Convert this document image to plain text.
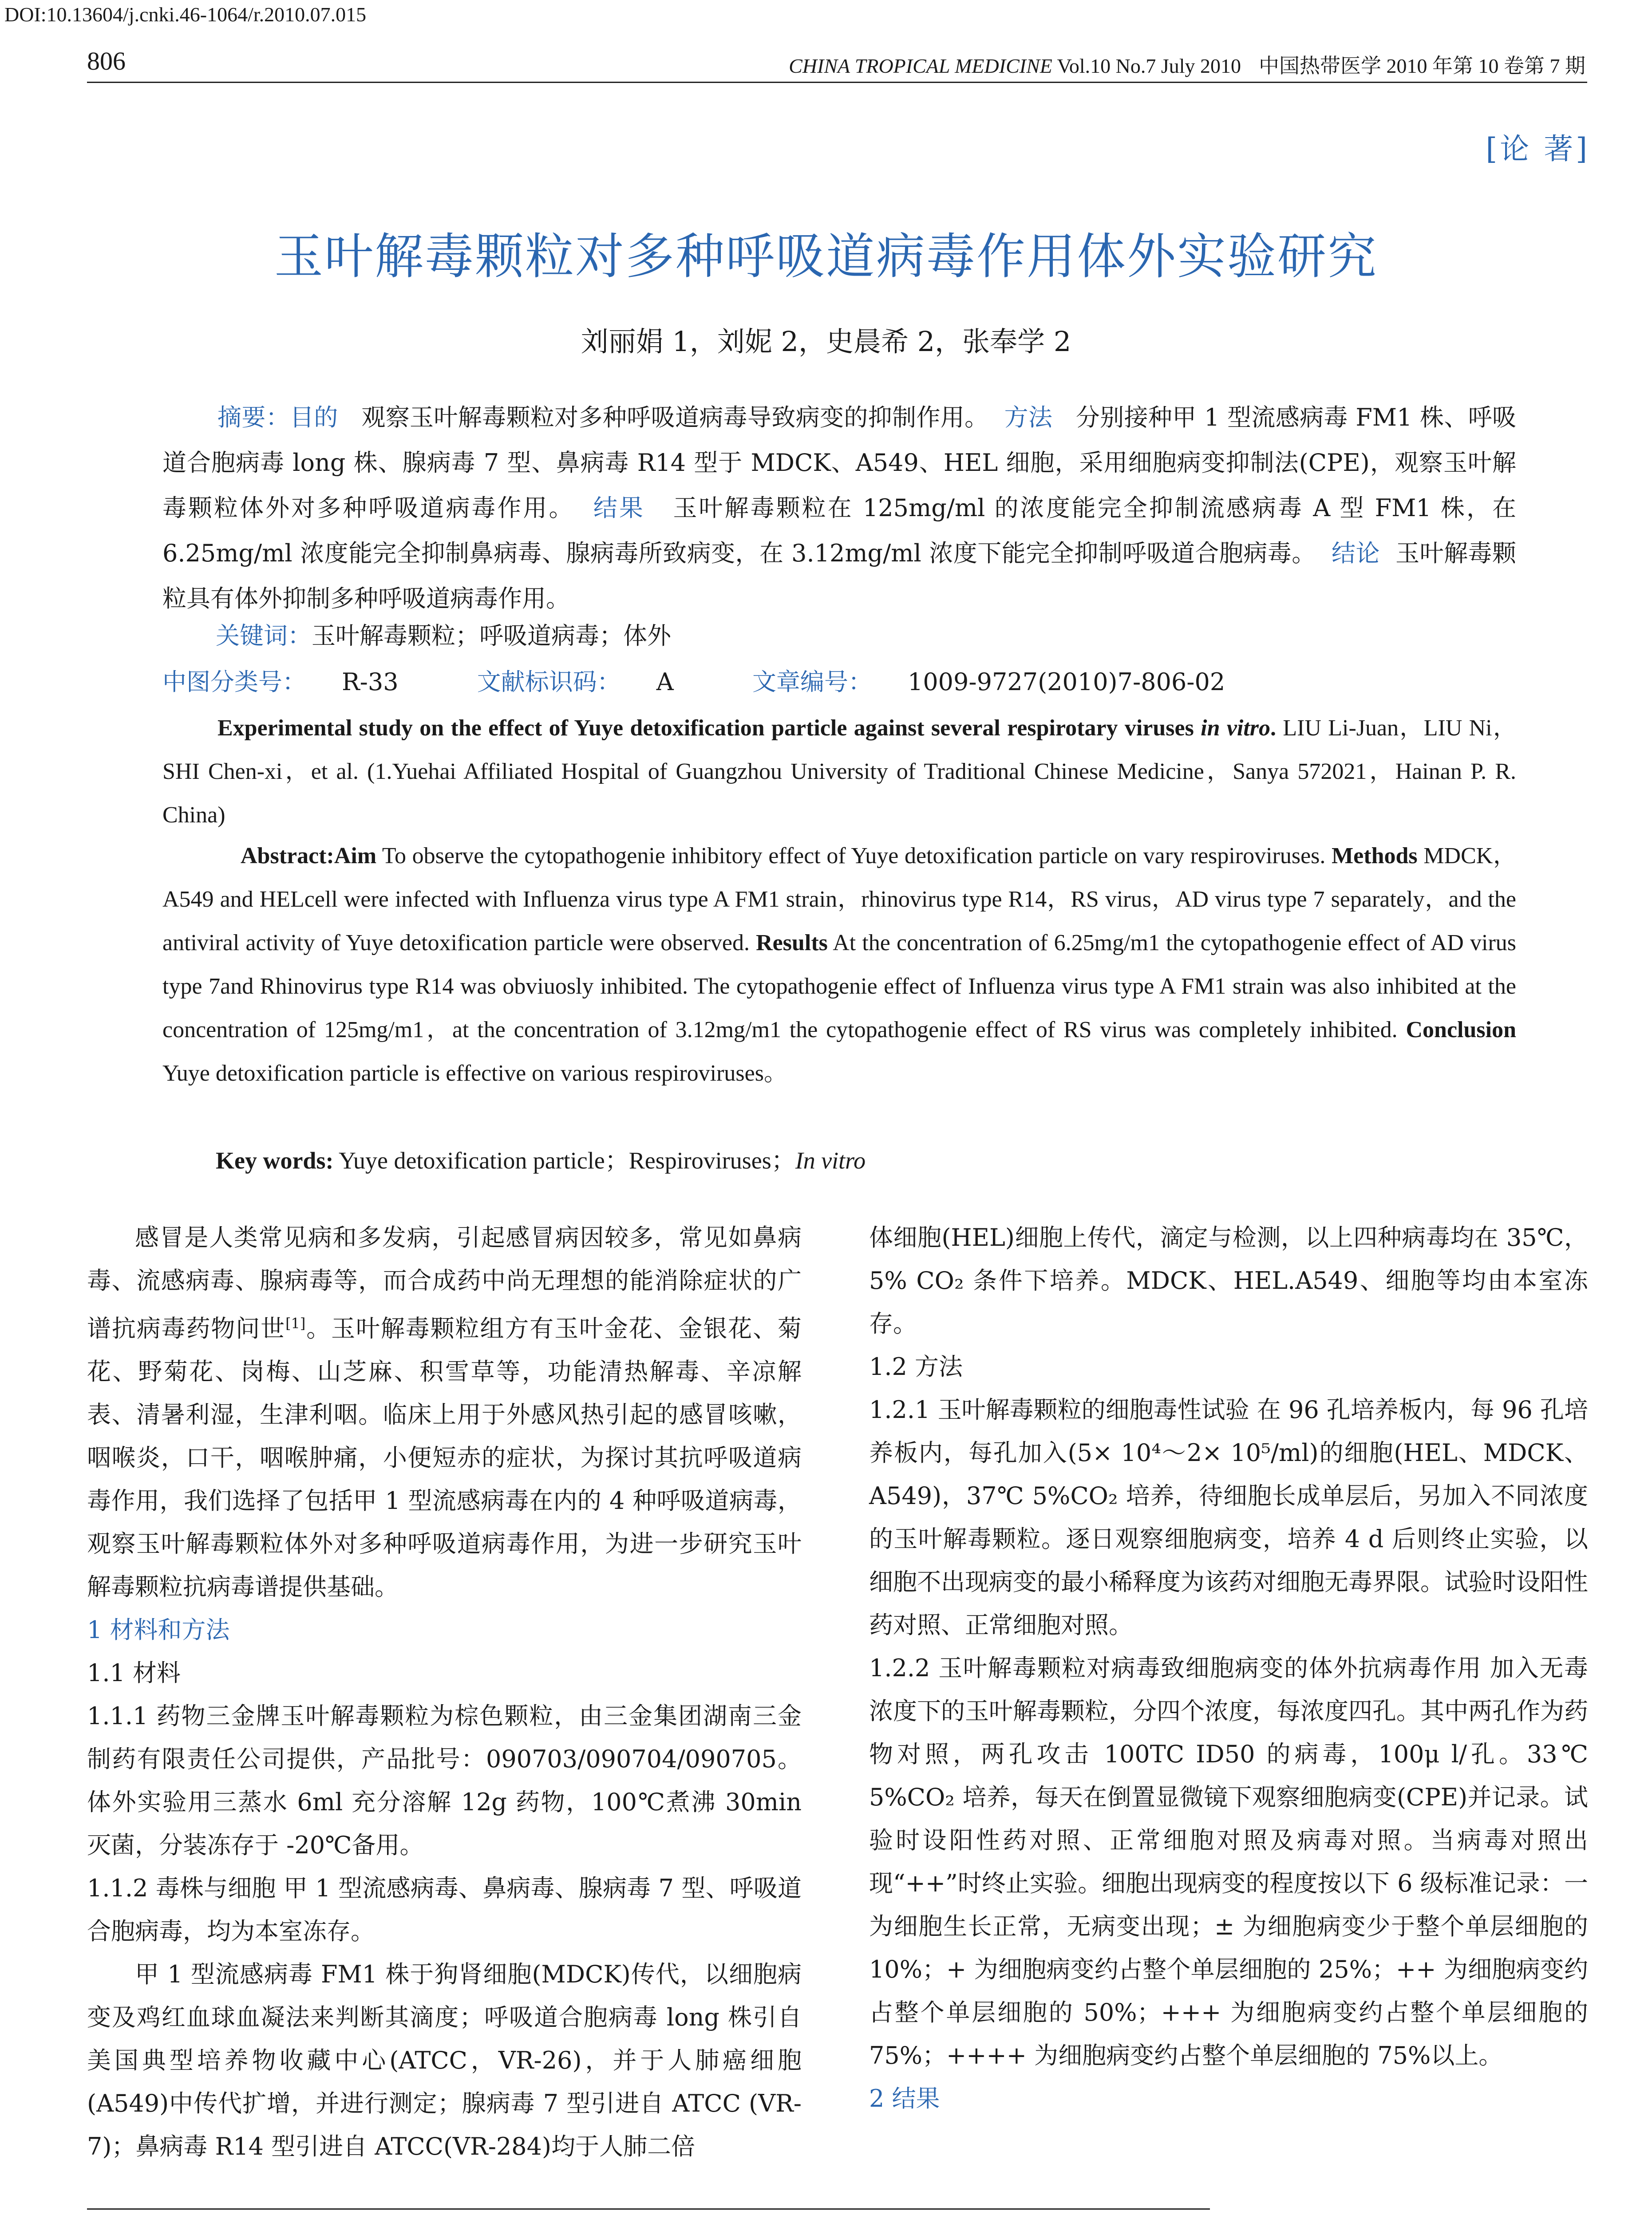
DOI:10.13604/j.cnki.46-1064/r.2010.07.015
806	CHINA TROPICAL MEDICINE Vol.10 No.7 July 2010 中国热带医学 2010 年第 10 卷第 7 期
[论 著]
玉叶解毒颗粒对多种呼吸道病毒作用体外实验研究
刘丽娟 1，刘妮 2，史晨希 2，张奉学 2

摘要：目的 观察玉叶解毒颗粒对多种呼吸道病毒导致病变的抑制作用。 方法 分别接种甲 1 型流感病毒 FM1 株、呼吸道合胞病毒 long 株、腺病毒 7 型、鼻病毒 R14 型于 MDCK、A549、HEL 细胞，采用细胞病变抑制法(CPE)，观察玉叶解毒颗粒体外对多种呼吸道病毒作用。 结果 玉叶解毒颗粒在 125mg/ml 的浓度能完全抑制流感病毒 A 型 FM1 株，在 6.25mg/ml 浓度能完全抑制鼻病毒、腺病毒所致病变，在 3.12mg/ml 浓度下能完全抑制呼吸道合胞病毒。 结论 玉叶解毒颗粒具有体外抑制多种呼吸道病毒作用。

关键词：玉叶解毒颗粒；呼吸道病毒；体外
中图分类号： R-33	文献标识码： A	文章编号： 1009-9727(2010)7-806-02

Experimental study on the effect of Yuye detoxification particle against several respirotary viruses in vitro. LIU Li-Juan，LIU Ni，SHI Chen-xi，et al. (1.Yuehai Affiliated Hospital of Guangzhou University of Traditional Chinese Medicine，Sanya 572021，Hainan P. R. China)

Abstract:Aim To observe the cytopathogenie inhibitory effect of Yuye detoxification particle on vary respiroviruses. Methods MDCK，A549 and HELcell were infected with Influenza virus type A FM1 strain，rhinovirus type R14，RS virus，AD virus type 7 separately，and the antiviral activity of Yuye detoxification particle were observed. Results At the concentration of 6.25mg/m1 the cytopathogenie effect of AD virus type 7and Rhinovirus type R14 was obviuosly inhibited. The cytopathogenie effect of Influenza virus type A FM1 strain was also inhibited at the concentration of 125mg/m1，at the concentration of 3.12mg/m1 the cytopathogenie effect of RS virus was completely inhibited. Conclusion Yuye detoxification particle is effective on various respiroviruses。

Key words: Yuye detoxification particle；Respiroviruses；In vitro

感冒是人类常见病和多发病，引起感冒病因较多，常见如鼻病毒、流感病毒、腺病毒等，而合成药中尚无理想的能消除症状的广谱抗病毒药物问世[1]。玉叶解毒颗粒组方有玉叶金花、金银花、菊花、野菊花、岗梅、山芝麻、积雪草等，功能清热解毒、辛凉解表、清暑利湿，生津利咽。临床上用于外感风热引起的感冒咳嗽，咽喉炎，口干，咽喉肿痛，小便短赤的症状，为探讨其抗呼吸道病毒作用，我们选择了包括甲 1 型流感病毒在内的 4 种呼吸道病毒，观察玉叶解毒颗粒体外对多种呼吸道病毒作用，为进一步研究玉叶解毒颗粒抗病毒谱提供基础。

1 材料和方法

1.1 材料

1.1.1 药物三金牌玉叶解毒颗粒为棕色颗粒，由三金集团湖南三金制药有限责任公司提供，产品批号：090703/090704/090705。体外实验用三蒸水 6ml 充分溶解 12g 药物，100℃煮沸 30min 灭菌，分装冻存于 -20℃备用。

1.1.2 毒株与细胞 甲 1 型流感病毒、鼻病毒、腺病毒 7 型、呼吸道合胞病毒，均为本室冻存。

甲 1 型流感病毒 FM1 株于狗肾细胞(MDCK)传代，以细胞病变及鸡红血球血凝法来判断其滴度；呼吸道合胞病毒 long 株引自美国典型培养物收藏中心(ATCC，VR-26)，并于人肺癌细胞(A549)中传代扩增，并进行测定；腺病毒 7 型引进自 ATCC (VR-7)；鼻病毒 R14 型引进自 ATCC(VR-284)均于人肺二倍

体细胞(HEL)细胞上传代，滴定与检测，以上四种病毒均在 35℃，5% CO₂ 条件下培养。MDCK、HEL.A549、细胞等均由本室冻存。

1.2 方法

1.2.1 玉叶解毒颗粒的细胞毒性试验 在 96 孔培养板内，每 96 孔培养板内，每孔加入(5× 10⁴～2× 10⁵/ml)的细胞(HEL、MDCK、A549)，37℃ 5%CO₂ 培养，待细胞长成单层后，另加入不同浓度的玉叶解毒颗粒。逐日观察细胞病变，培养 4 d 后则终止实验，以细胞不出现病变的最小稀释度为该药对细胞无毒界限。试验时设阳性药对照、正常细胞对照。

1.2.2 玉叶解毒颗粒对病毒致细胞病变的体外抗病毒作用 加入无毒浓度下的玉叶解毒颗粒，分四个浓度，每浓度四孔。其中两孔作为药物对照，两孔攻击 100TC ID50 的病毒，100μ l/孔。33℃ 5%CO₂ 培养，每天在倒置显微镜下观察细胞病变(CPE)并记录。试验时设阳性药对照、正常细胞对照及病毒对照。当病毒对照出现“++”时终止实验。细胞出现病变的程度按以下 6 级标准记录：一为细胞生长正常，无病变出现；± 为细胞病变少于整个单层细胞的 10%；+ 为细胞病变约占整个单层细胞的 25%；++ 为细胞病变约占整个单层细胞的 50%；+++ 为细胞病变约占整个单层细胞的 75%；++++ 为细胞病变约占整个单层细胞的 75%以上。

2 结果
